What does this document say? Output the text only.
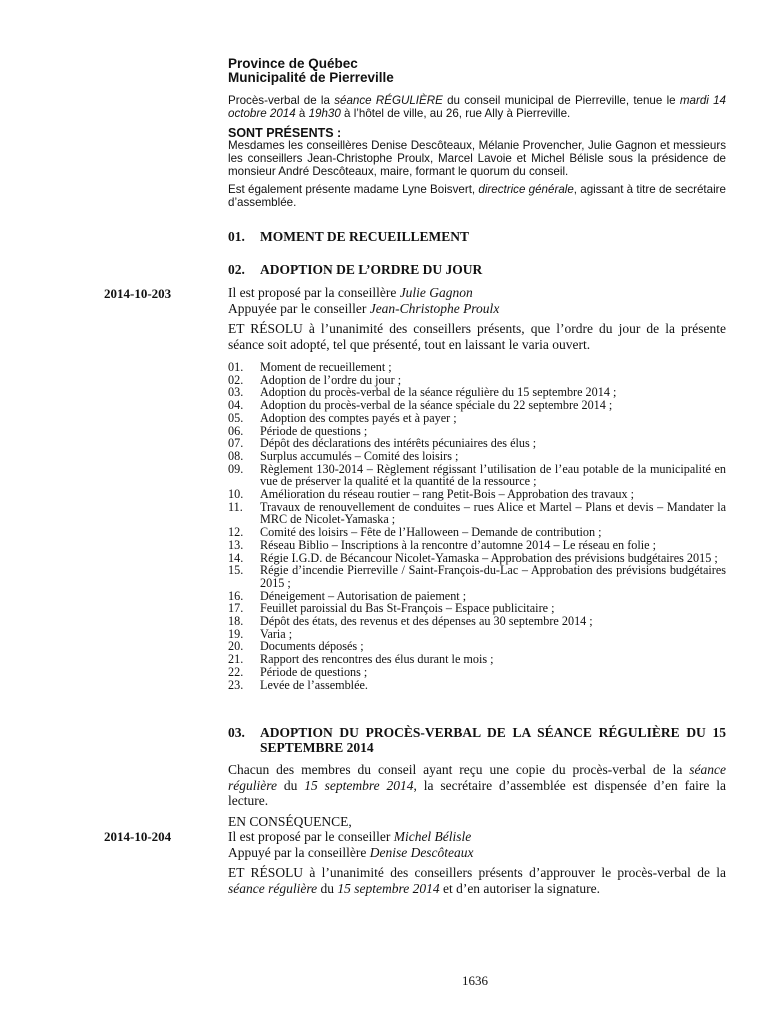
Province de Québec
Municipalité de Pierreville
Procès-verbal de la séance RÉGULIÈRE du conseil municipal de Pierreville, tenue le mardi 14 octobre 2014 à 19h30 à l’hôtel de ville, au 26, rue Ally à Pierreville.
SONT PRÉSENTS :
Mesdames les conseillères Denise Descôteaux, Mélanie Provencher, Julie Gagnon et messieurs les conseillers Jean-Christophe Proulx, Marcel Lavoie et Michel Bélisle sous la présidence de monsieur André Descôteaux, maire, formant le quorum du conseil.
Est également présente madame Lyne Boisvert, directrice générale, agissant à titre de secrétaire d’assemblée.
01. MOMENT DE RECUEILLEMENT
02. ADOPTION DE L’ORDRE DU JOUR
2014-10-203	Il est proposé par la conseillère Julie Gagnon
Appuyée par le conseiller Jean-Christophe Proulx
ET RÉSOLU à l’unanimité des conseillers présents, que l’ordre du jour de la présente séance soit adopté, tel que présenté, tout en laissant le varia ouvert.
01.	Moment de recueillement ;
02.	Adoption de l’ordre du jour ;
03.	Adoption du procès-verbal de la séance régulière du 15 septembre 2014 ;
04.	Adoption du procès-verbal de la séance spéciale du 22 septembre 2014 ;
05.	Adoption des comptes payés et à payer ;
06.	Période de questions ;
07.	Dépôt des déclarations des intérêts pécuniaires des élus ;
08.	Surplus accumulés – Comité des loisirs ;
09.	Règlement 130-2014 – Règlement régissant l’utilisation de l’eau potable de la municipalité en vue de préserver la qualité et la quantité de la ressource ;
10.	Amélioration du réseau routier – rang Petit-Bois – Approbation des travaux ;
11.	Travaux de renouvellement de conduites – rues Alice et Martel – Plans et devis – Mandater la MRC de Nicolet-Yamaska ;
12.	Comité des loisirs – Fête de l’Halloween – Demande de contribution ;
13.	Réseau Biblio – Inscriptions à la rencontre d’automne 2014 – Le réseau en folie ;
14.	Régie I.G.D. de Bécancour Nicolet-Yamaska – Approbation des prévisions budgétaires 2015 ;
15.	Régie d’incendie Pierreville / Saint-François-du-Lac – Approbation des prévisions budgétaires 2015 ;
16.	Déneigement – Autorisation de paiement ;
17.	Feuillet paroissial du Bas St-François – Espace publicitaire ;
18.	Dépôt des états, des revenus et des dépenses au 30 septembre 2014 ;
19.	Varia ;
20.	Documents déposés ;
21.	Rapport des rencontres des élus durant le mois ;
22.	Période de questions ;
23.	Levée de l’assemblée.
03. ADOPTION DU PROCÈS-VERBAL DE LA SÉANCE RÉGULIÈRE DU 15 SEPTEMBRE 2014
Chacun des membres du conseil ayant reçu une copie du procès-verbal de la séance régulière du 15 septembre 2014, la secrétaire d’assemblée est dispensée d’en faire la lecture.
EN CONSÉQUENCE,
2014-10-204	Il est proposé par le conseiller Michel Bélisle
Appuyé par la conseillère Denise Descôteaux
ET RÉSOLU à l’unanimité des conseillers présents d’approuver le procès-verbal de la séance régulière du 15 septembre 2014 et d’en autoriser la signature.
1636
